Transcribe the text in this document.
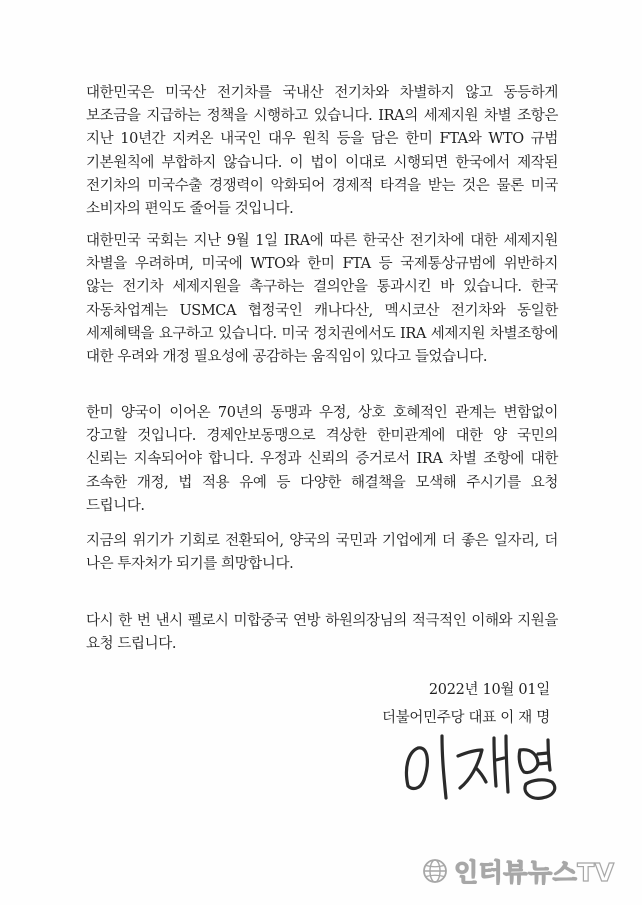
대한민국은 미국산 전기차를 국내산 전기차와 차별하지 않고 동등하게 보조금을 지급하는 정책을 시행하고 있습니다. IRA의 세제지원 차별 조항은 지난 10년간 지켜온 내국인 대우 원칙 등을 담은 한미 FTA와 WTO 규범 기본원칙에 부합하지 않습니다. 이 법이 이대로 시행되면 한국에서 제작된 전기차의 미국수출 경쟁력이 악화되어 경제적 타격을 받는 것은 물론 미국 소비자의 편익도 줄어들 것입니다.

대한민국 국회는 지난 9월 1일 IRA에 따른 한국산 전기차에 대한 세제지원 차별을 우려하며, 미국에 WTO와 한미 FTA 등 국제통상규범에 위반하지 않는 전기차 세제지원을 촉구하는 결의안을 통과시킨 바 있습니다. 한국 자동차업계는 USMCA 협정국인 캐나다산, 멕시코산 전기차와 동일한 세제혜택을 요구하고 있습니다. 미국 정치권에서도 IRA 세제지원 차별조항에 대한 우려와 개정 필요성에 공감하는 움직임이 있다고 들었습니다.

한미 양국이 이어온 70년의 동맹과 우정, 상호 호혜적인 관계는 변함없이 강고할 것입니다. 경제안보동맹으로 격상한 한미관계에 대한 양 국민의 신뢰는 지속되어야 합니다. 우정과 신뢰의 증거로서 IRA 차별 조항에 대한 조속한 개정, 법 적용 유예 등 다양한 해결책을 모색해 주시기를 요청 드립니다.

지금의 위기가 기회로 전환되어, 양국의 국민과 기업에게 더 좋은 일자리, 더 나은 투자처가 되기를 희망합니다.

다시 한 번 낸시 펠로시 미합중국 연방 하원의장님의 적극적인 이해와 지원을 요청 드립니다.

2022년 10월 01일
더불어민주당 대표 이 재 명
인터뷰뉴스TV
